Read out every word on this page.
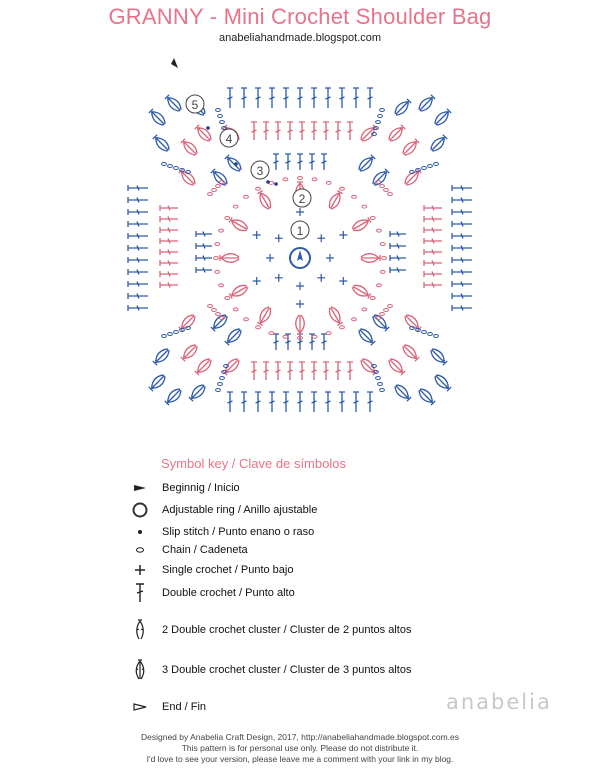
GRANNY - Mini Crochet Shoulder Bag
anabeliahandmade.blogspot.com
1
2
3
4
5
Symbol key / Clave de símbolos
Beginnig / Inicio
Adjustable ring / Anillo ajustable
Slip stitch / Punto enano o raso
Chain / Cadeneta
Single crochet / Punto bajo
Double crochet / Punto alto
2 Double crochet cluster / Cluster de 2 puntos altos
3 Double crochet cluster / Cluster de 3 puntos altos
End / Fin	anabelia
Designed by Anabelia Craft Design, 2017, http://anabeliahandmade.blogspot.com.es
This pattern is for personal use only. Please do not distribute it.
I'd love to see your version, please leave me a comment with your link in my blog.
